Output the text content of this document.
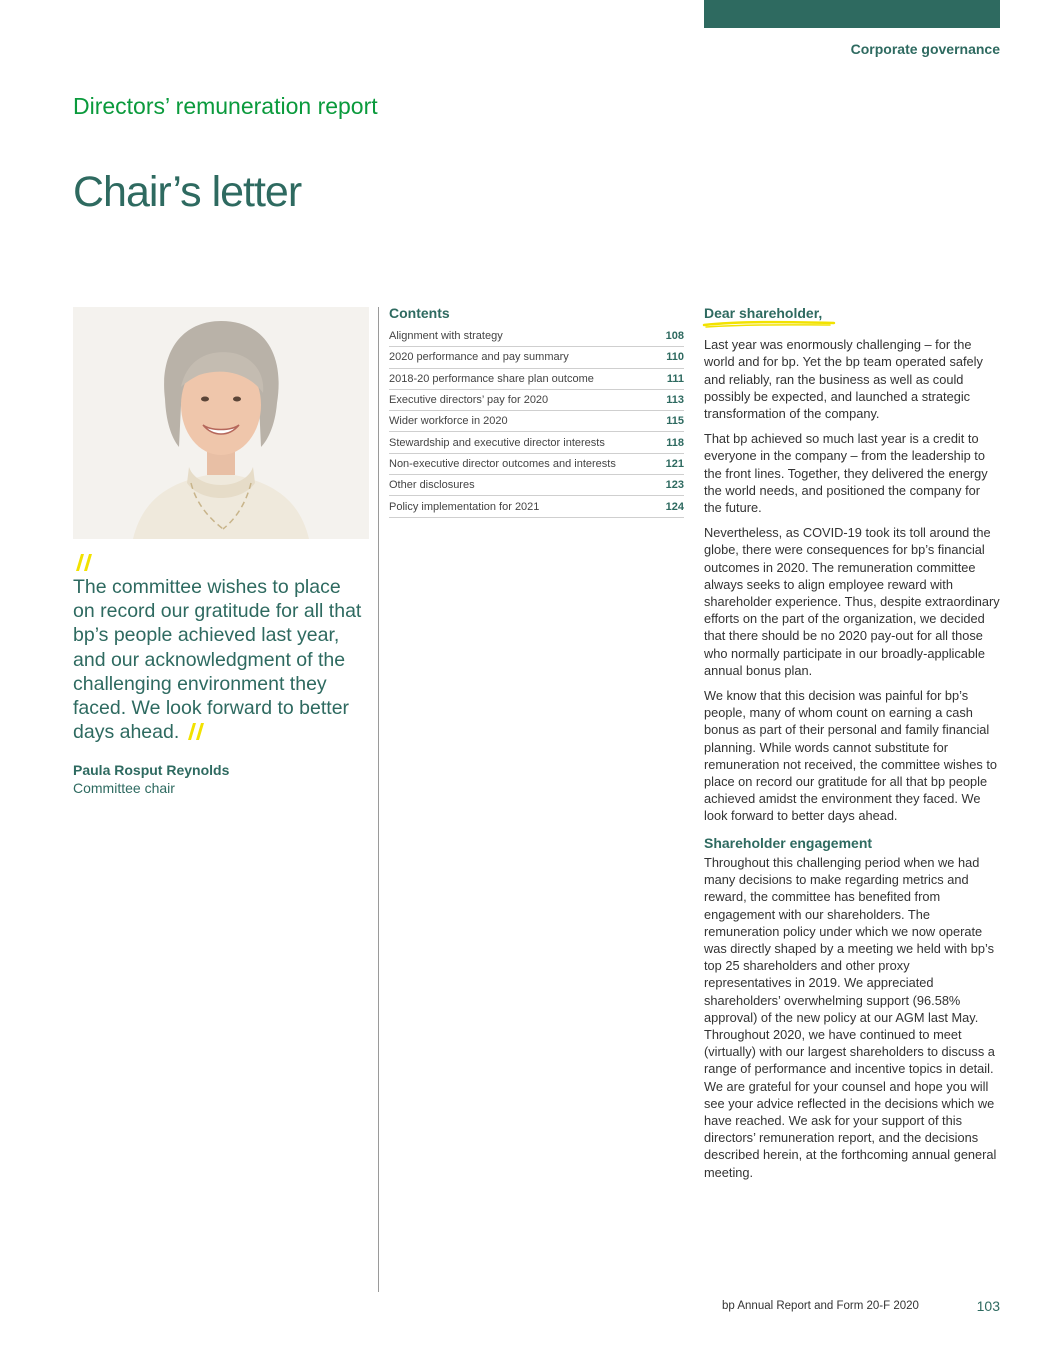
Corporate governance
Directors’ remuneration report
Chair’s letter
The committee wishes to place on record our gratitude for all that bp’s people achieved last year, and our acknowledgment of the challenging environment they faced. We look forward to better days ahead.
Paula Rosput Reynolds
Committee chair
Contents
Alignment with strategy	108
2020 performance and pay summary	110
2018-20 performance share plan outcome	111
Executive directors’ pay for 2020	113
Wider workforce in 2020	115
Stewardship and executive director interests	118
Non-executive director outcomes and interests	121
Other disclosures	123
Policy implementation for 2021	124
Dear shareholder,

Last year was enormously challenging – for the world and for bp. Yet the bp team operated safely and reliably, ran the business as well as could possibly be expected, and launched a strategic transformation of the company.

That bp achieved so much last year is a credit to everyone in the company – from the leadership to the front lines. Together, they delivered the energy the world needs, and positioned the company for the future.

Nevertheless, as COVID-19 took its toll around the globe, there were consequences for bp’s financial outcomes in 2020. The remuneration committee always seeks to align employee reward with shareholder experience. Thus, despite extraordinary efforts on the part of the organization, we decided that there should be no 2020 pay-out for all those who normally participate in our broadly-applicable annual bonus plan.

We know that this decision was painful for bp’s people, many of whom count on earning a cash bonus as part of their personal and family financial planning. While words cannot substitute for remuneration not received, the committee wishes to place on record our gratitude for all that bp people achieved amidst the environment they faced. We look forward to better days ahead.

Shareholder engagement

Throughout this challenging period when we had many decisions to make regarding metrics and reward, the committee has benefited from engagement with our shareholders. The remuneration policy under which we now operate was directly shaped by a meeting we held with bp’s top 25 shareholders and other proxy representatives in 2019. We appreciated shareholders’ overwhelming support (96.58% approval) of the new policy at our AGM last May. Throughout 2020, we have continued to meet (virtually) with our largest shareholders to discuss a range of performance and incentive topics in detail. We are grateful for your counsel and hope you will see your advice reflected in the decisions which we have reached. We ask for your support of this directors’ remuneration report, and the decisions described herein, at the forthcoming annual general meeting.

bp Annual Report and Form 20-F 2020	103
